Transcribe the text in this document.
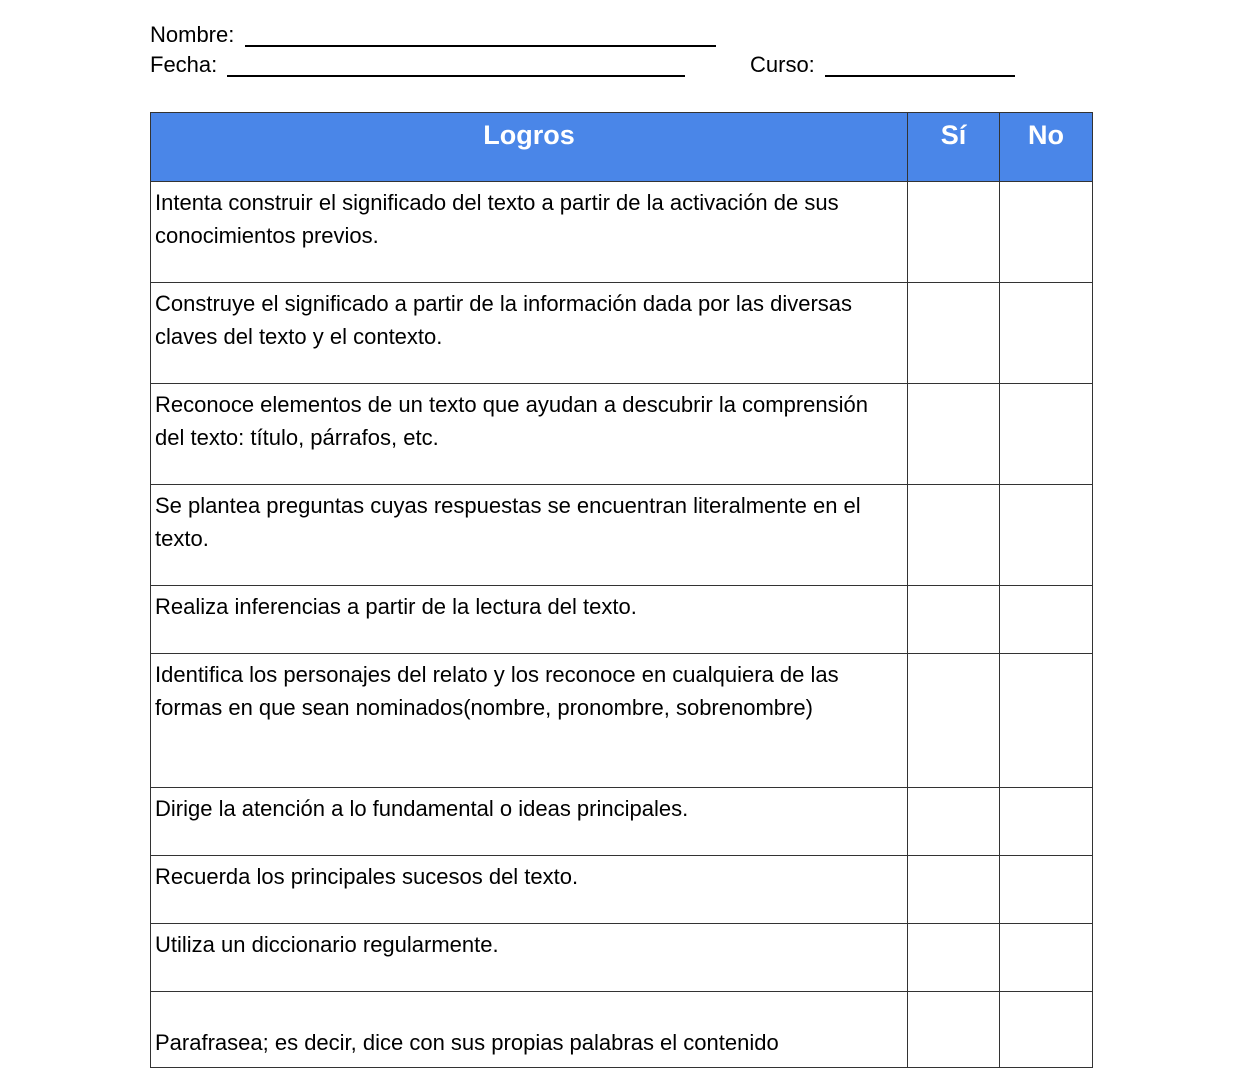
Nombre:
Fecha:	Curso:
Logros	Sí	No
Intenta construir el significado del texto a partir de la activación de sus conocimientos previos.		
Construye el significado a partir de la información dada por las diversas claves del texto y el contexto.		
Reconoce elementos de un texto que ayudan a descubrir la comprensión del texto: título, párrafos, etc.		
Se plantea preguntas cuyas respuestas se encuentran literalmente en el texto.		
Realiza inferencias a partir de la lectura del texto.		
Identifica los personajes del relato y los reconoce en cualquiera de las formas en que sean nominados(nombre, pronombre, sobrenombre)		
Dirige la atención a lo fundamental o ideas principales.		
Recuerda los principales sucesos del texto.		
Utiliza un diccionario regularmente.		
Parafrasea; es decir, dice con sus propias palabras el contenido		
